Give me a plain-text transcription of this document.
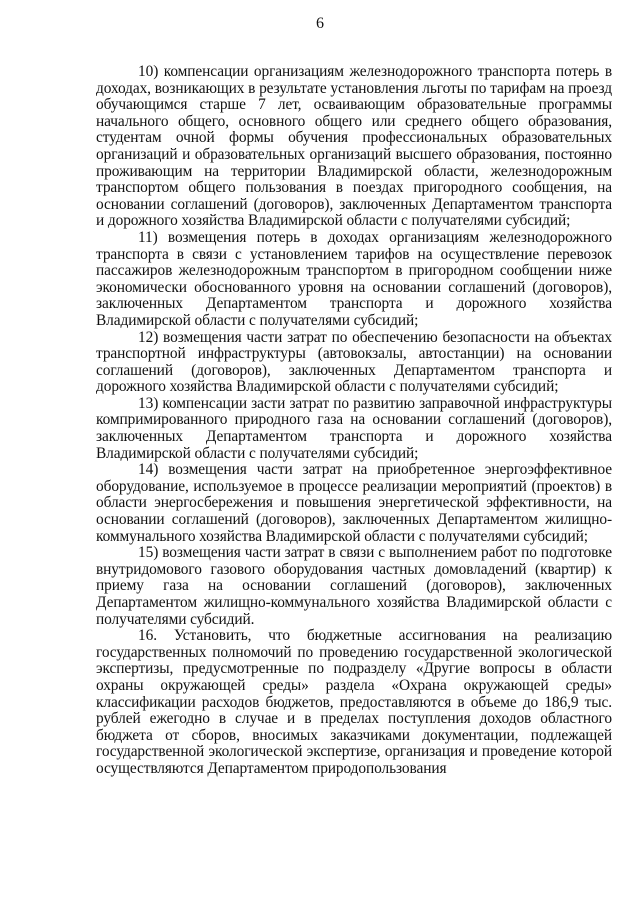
6

10) компенсации организациям железнодорожного транспорта потерь в доходах, возникающих в результате установления льготы по тарифам на проезд обучающимся старше 7 лет, осваивающим образовательные программы начального общего, основного общего или среднего общего образования, студентам очной формы обучения профессиональных образовательных организаций и образовательных организаций высшего образования, постоянно проживающим на территории Владимирской области, железнодорожным транспортом общего пользования в поездах пригородного сообщения, на основании соглашений (договоров), заключенных Департаментом транспорта и дорожного хозяйства Владимирской области с получателями субсидий;

11) возмещения потерь в доходах организациям железнодорожного транспорта в связи с установлением тарифов на осуществление перевозок пассажиров железнодорожным транспортом в пригородном сообщении ниже экономически обоснованного уровня на основании соглашений (договоров), заключенных Департаментом транспорта и дорожного хозяйства Владимирской области с получателями субсидий;

12) возмещения части затрат по обеспечению безопасности на объектах транспортной инфраструктуры (автовокзалы, автостанции) на основании соглашений (договоров), заключенных Департаментом транспорта и дорожного хозяйства Владимирской области с получателями субсидий;

13) компенсации засти затрат по развитию заправочной инфраструктуры компримированного природного газа на основании соглашений (договоров), заключенных Департаментом транспорта и дорожного хозяйства Владимирской области с получателями субсидий;

14) возмещения части затрат на приобретенное энергоэффективное оборудование, используемое в процессе реализации мероприятий (проектов) в области энергосбережения и повышения энергетической эффективности, на основании соглашений (договоров), заключенных Департаментом жилищно-коммунального хозяйства Владимирской области с получателями субсидий;

15) возмещения части затрат в связи с выполнением работ по подготовке внутридомового газового оборудования частных домовладений (квартир) к приему газа на основании соглашений (договоров), заключенных Департаментом жилищно-коммунального хозяйства Владимирской области с получателями субсидий.

16. Установить, что бюджетные ассигнования на реализацию государственных полномочий по проведению государственной экологической экспертизы, предусмотренные по подразделу «Другие вопросы в области охраны окружающей среды» раздела «Охрана окружающей среды» классификации расходов бюджетов, предоставляются в объеме до 186,9 тыс. рублей ежегодно в случае и в пределах поступления доходов областного бюджета от сборов, вносимых заказчиками документации, подлежащей государственной экологической экспертизе, организация и проведение которой осуществляются Департаментом природопользования
